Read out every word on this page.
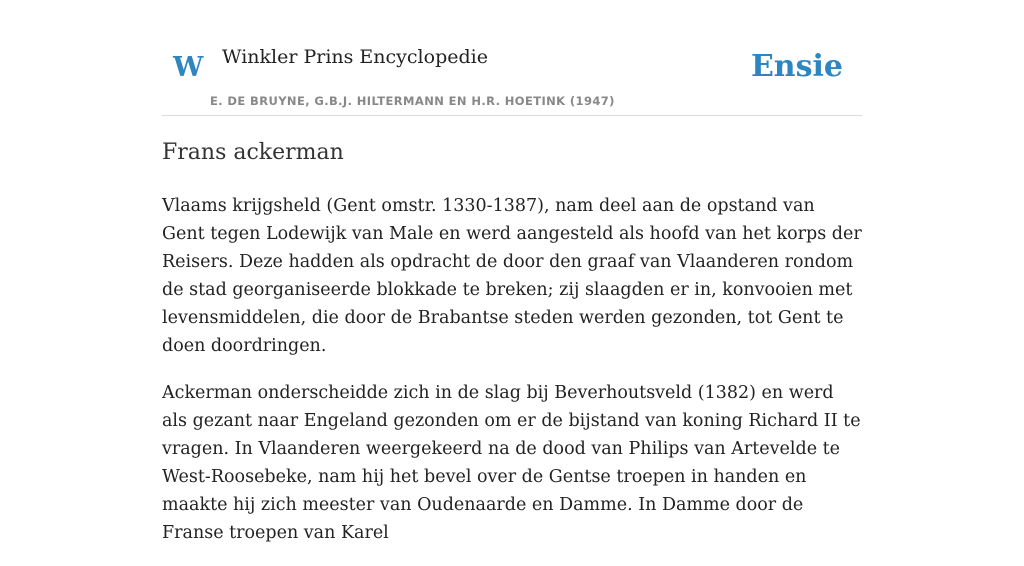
W Winkler Prins Encyclopedie
E. DE BRUYNE, G.B.J. HILTERMANN EN H.R. HOETINK (1947)
Ensie
Frans ackerman

Vlaams krijgsheld (Gent omstr. 1330-1387), nam deel aan de opstand van Gent tegen Lodewijk van Male en werd aangesteld als hoofd van het korps der Reisers. Deze hadden als opdracht de door den graaf van Vlaanderen rondom de stad georganiseerde blokkade te breken; zij slaagden er in, konvooien met levensmiddelen, die door de Brabantse steden werden gezonden, tot Gent te doen doordringen.

Ackerman onderscheidde zich in de slag bij Beverhoutsveld (1382) en werd als gezant naar Engeland gezonden om er de bijstand van koning Richard II te vragen. In Vlaanderen weergekeerd na de dood van Philips van Artevelde te West-Roosebeke, nam hij het bevel over de Gentse troepen in handen en maakte hij zich meester van Oudenaarde en Damme. In Damme door de Franse troepen van Karel
